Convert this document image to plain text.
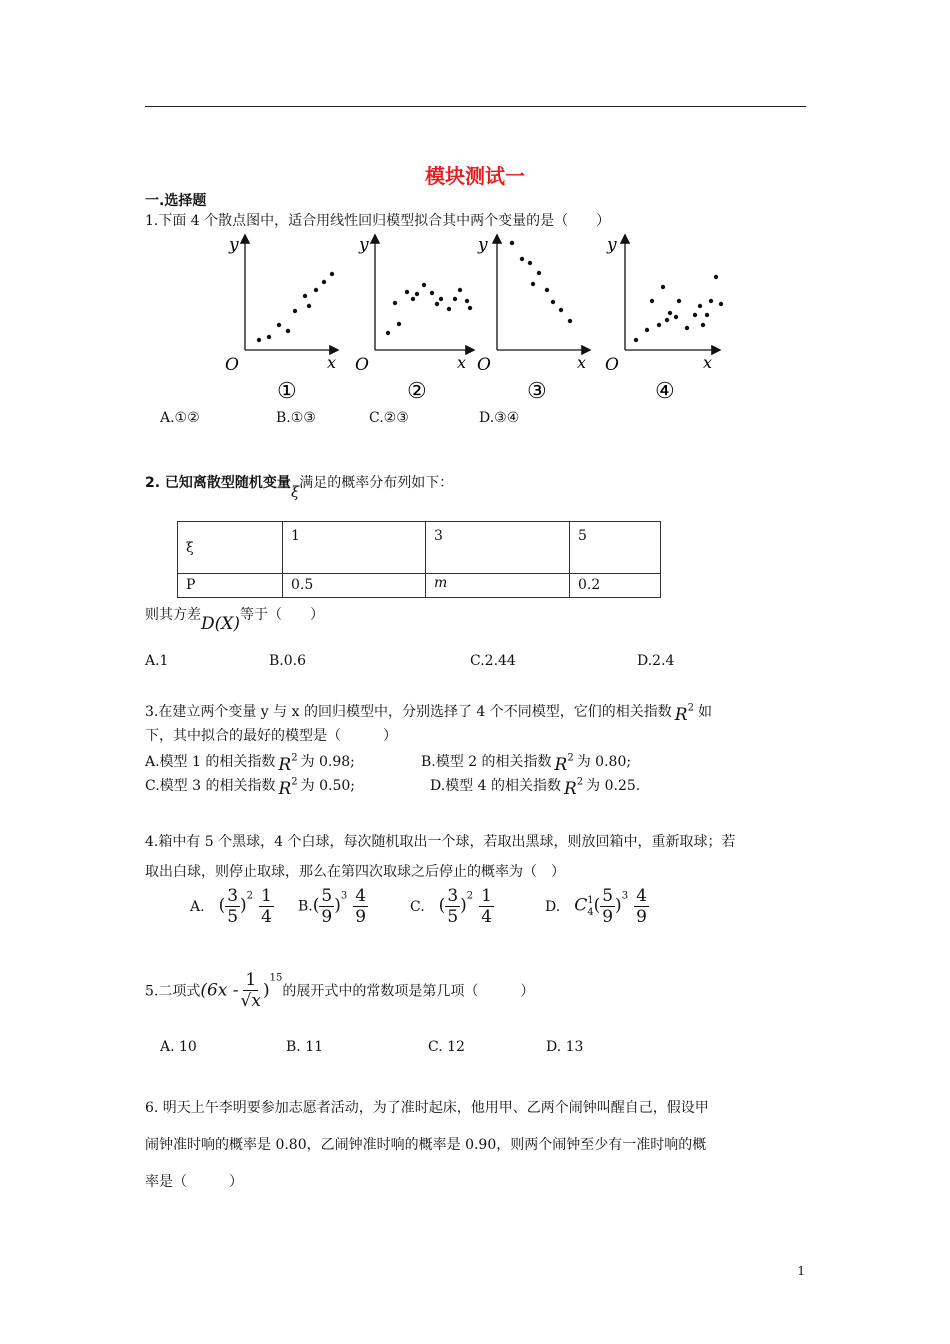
模块测试一
一.选择题
1.下面 4 个散点图中，适合用线性回归模型拟合其中两个变量的是（　　）
y
O	x
①
y
O	x
②
y
O	x
③
y
O	x
④
A.①②	B.①③	C.②③	D.③④
2. 已知离散型随机变量ξ满足的概率分布列如下：
ξ	1	3	5
P	0.5	m	0.2
则其方差D(X)等于（　　）
A.1	B.0.6	C.2.44	D.2.4
3.在建立两个变量 y 与 x 的回归模型中，分别选择了 4 个不同模型，它们的相关指数 $R^2$ 如
下，其中拟合的最好的模型是（　　　）
A.模型 1 的相关指数 $R^2$ 为 0.98;	B.模型 2 的相关指数 $R^2$ 为 0.80;
C.模型 3 的相关指数 $R^2$ 为 0.50;	D.模型 4 的相关指数 $R^2$ 为 0.25.
4.箱中有 5 个黑球，4 个白球，每次随机取出一个球，若取出黑球，则放回箱中，重新取球；若
取出白球，则停止取球，那么在第四次取球之后停止的概率为（　）
A. ( $\frac{3}{5} )^2 \frac{1}{4} B.( \frac{5}{9} )^3 \frac{4}{9}$	C. ( $\frac{3}{5} )^2 \frac{1}{4}$	D. C 1
4 ( $\frac{5}{9} )^3 \frac{4}{9}$
5.二项式$(6x - \frac{1}{√x} )^{15}$的展开式中的常数项是第几项（　　　）
A. 10	B. 11	C. 12	D. 13
6. 明天上午李明要参加志愿者活动，为了准时起床，他用甲、乙两个闹钟叫醒自己，假设甲
闹钟准时响的概率是 0.80，乙闹钟准时响的概率是 0.90，则两个闹钟至少有一准时响的概
率是（　　　）
1
